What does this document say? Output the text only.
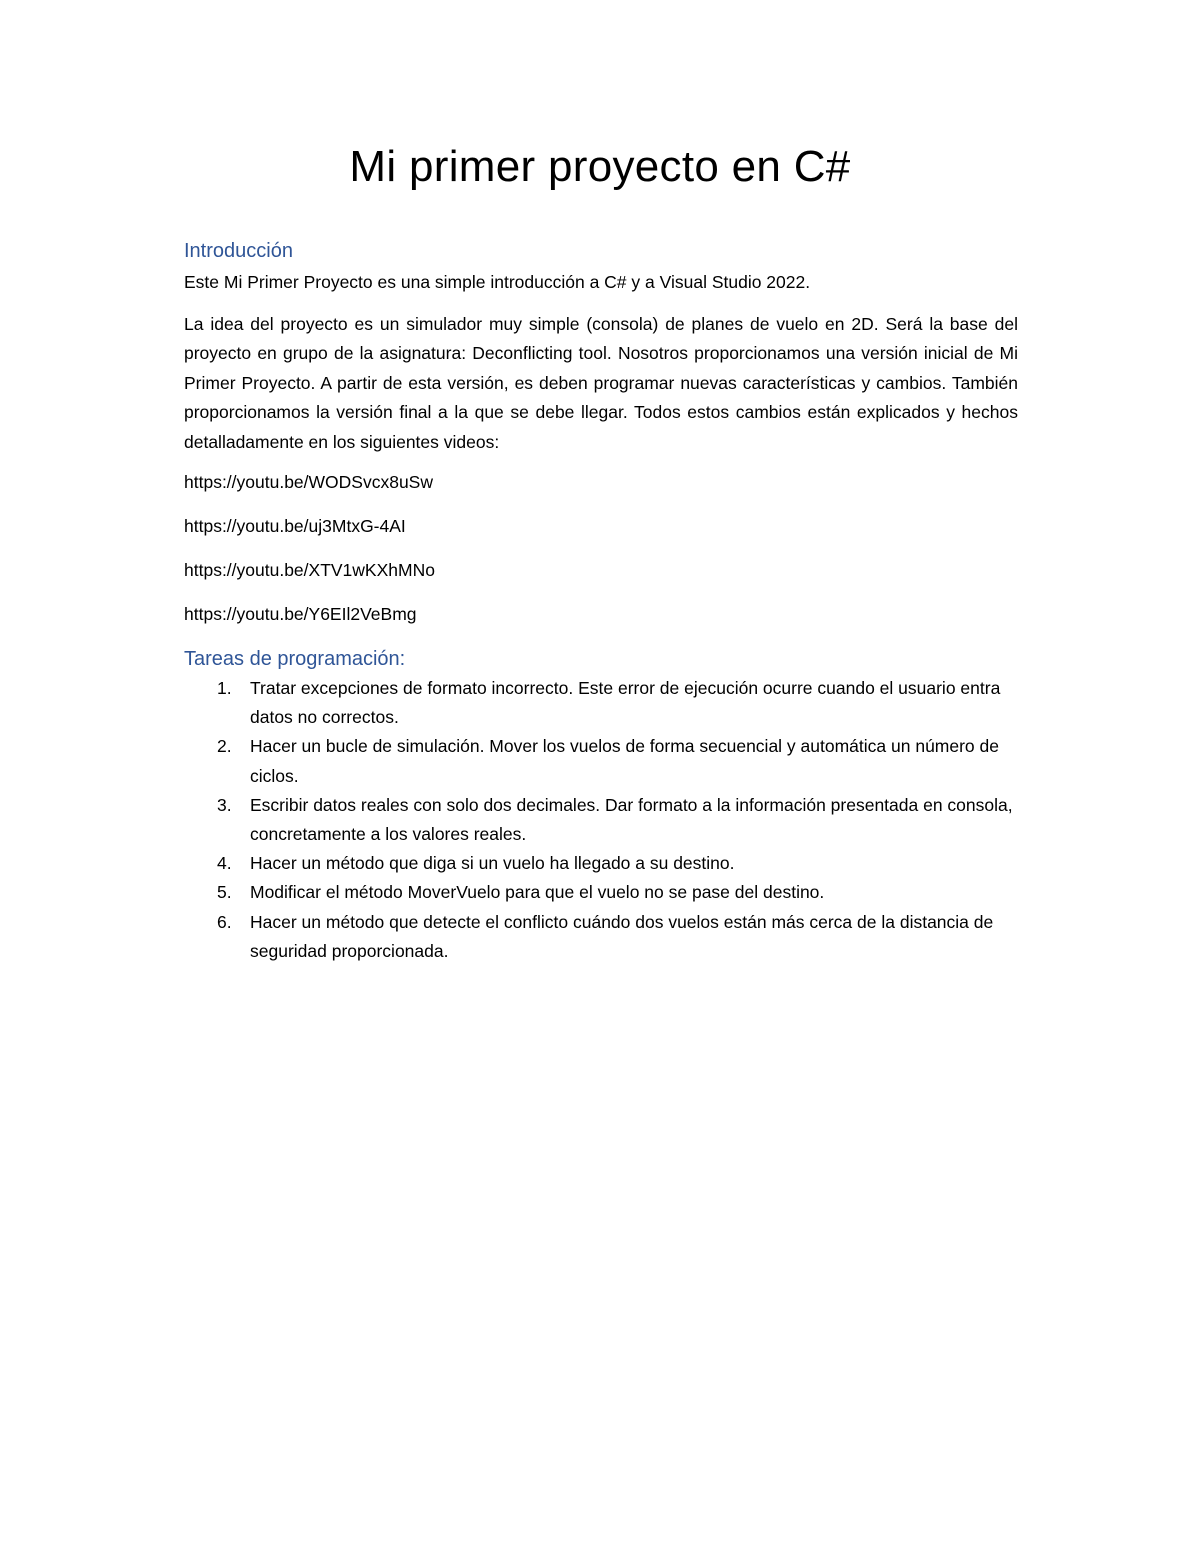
Mi primer proyecto en C#
Introducción

Este Mi Primer Proyecto es una simple introducción a C# y a Visual Studio 2022.

La idea del proyecto es un simulador muy simple (consola) de planes de vuelo en 2D. Será la base del proyecto en grupo de la asignatura: Deconflicting tool. Nosotros proporcionamos una versión inicial de Mi Primer Proyecto. A partir de esta versión, es deben programar nuevas características y cambios. También proporcionamos la versión final a la que se debe llegar. Todos estos cambios están explicados y hechos detalladamente en los siguientes videos:

https://youtu.be/WODSvcx8uSw

https://youtu.be/uj3MtxG-4AI

https://youtu.be/XTV1wKXhMNo

https://youtu.be/Y6EIl2VeBmg

Tareas de programación:
1. Tratar excepciones de formato incorrecto. Este error de ejecución ocurre cuando el usuario entra datos no correctos.
2. Hacer un bucle de simulación. Mover los vuelos de forma secuencial y automática un número de ciclos.
3. Escribir datos reales con solo dos decimales. Dar formato a la información presentada en consola, concretamente a los valores reales.
4. Hacer un método que diga si un vuelo ha llegado a su destino.
5. Modificar el método MoverVuelo para que el vuelo no se pase del destino.
6. Hacer un método que detecte el conflicto cuándo dos vuelos están más cerca de la distancia de seguridad proporcionada.
